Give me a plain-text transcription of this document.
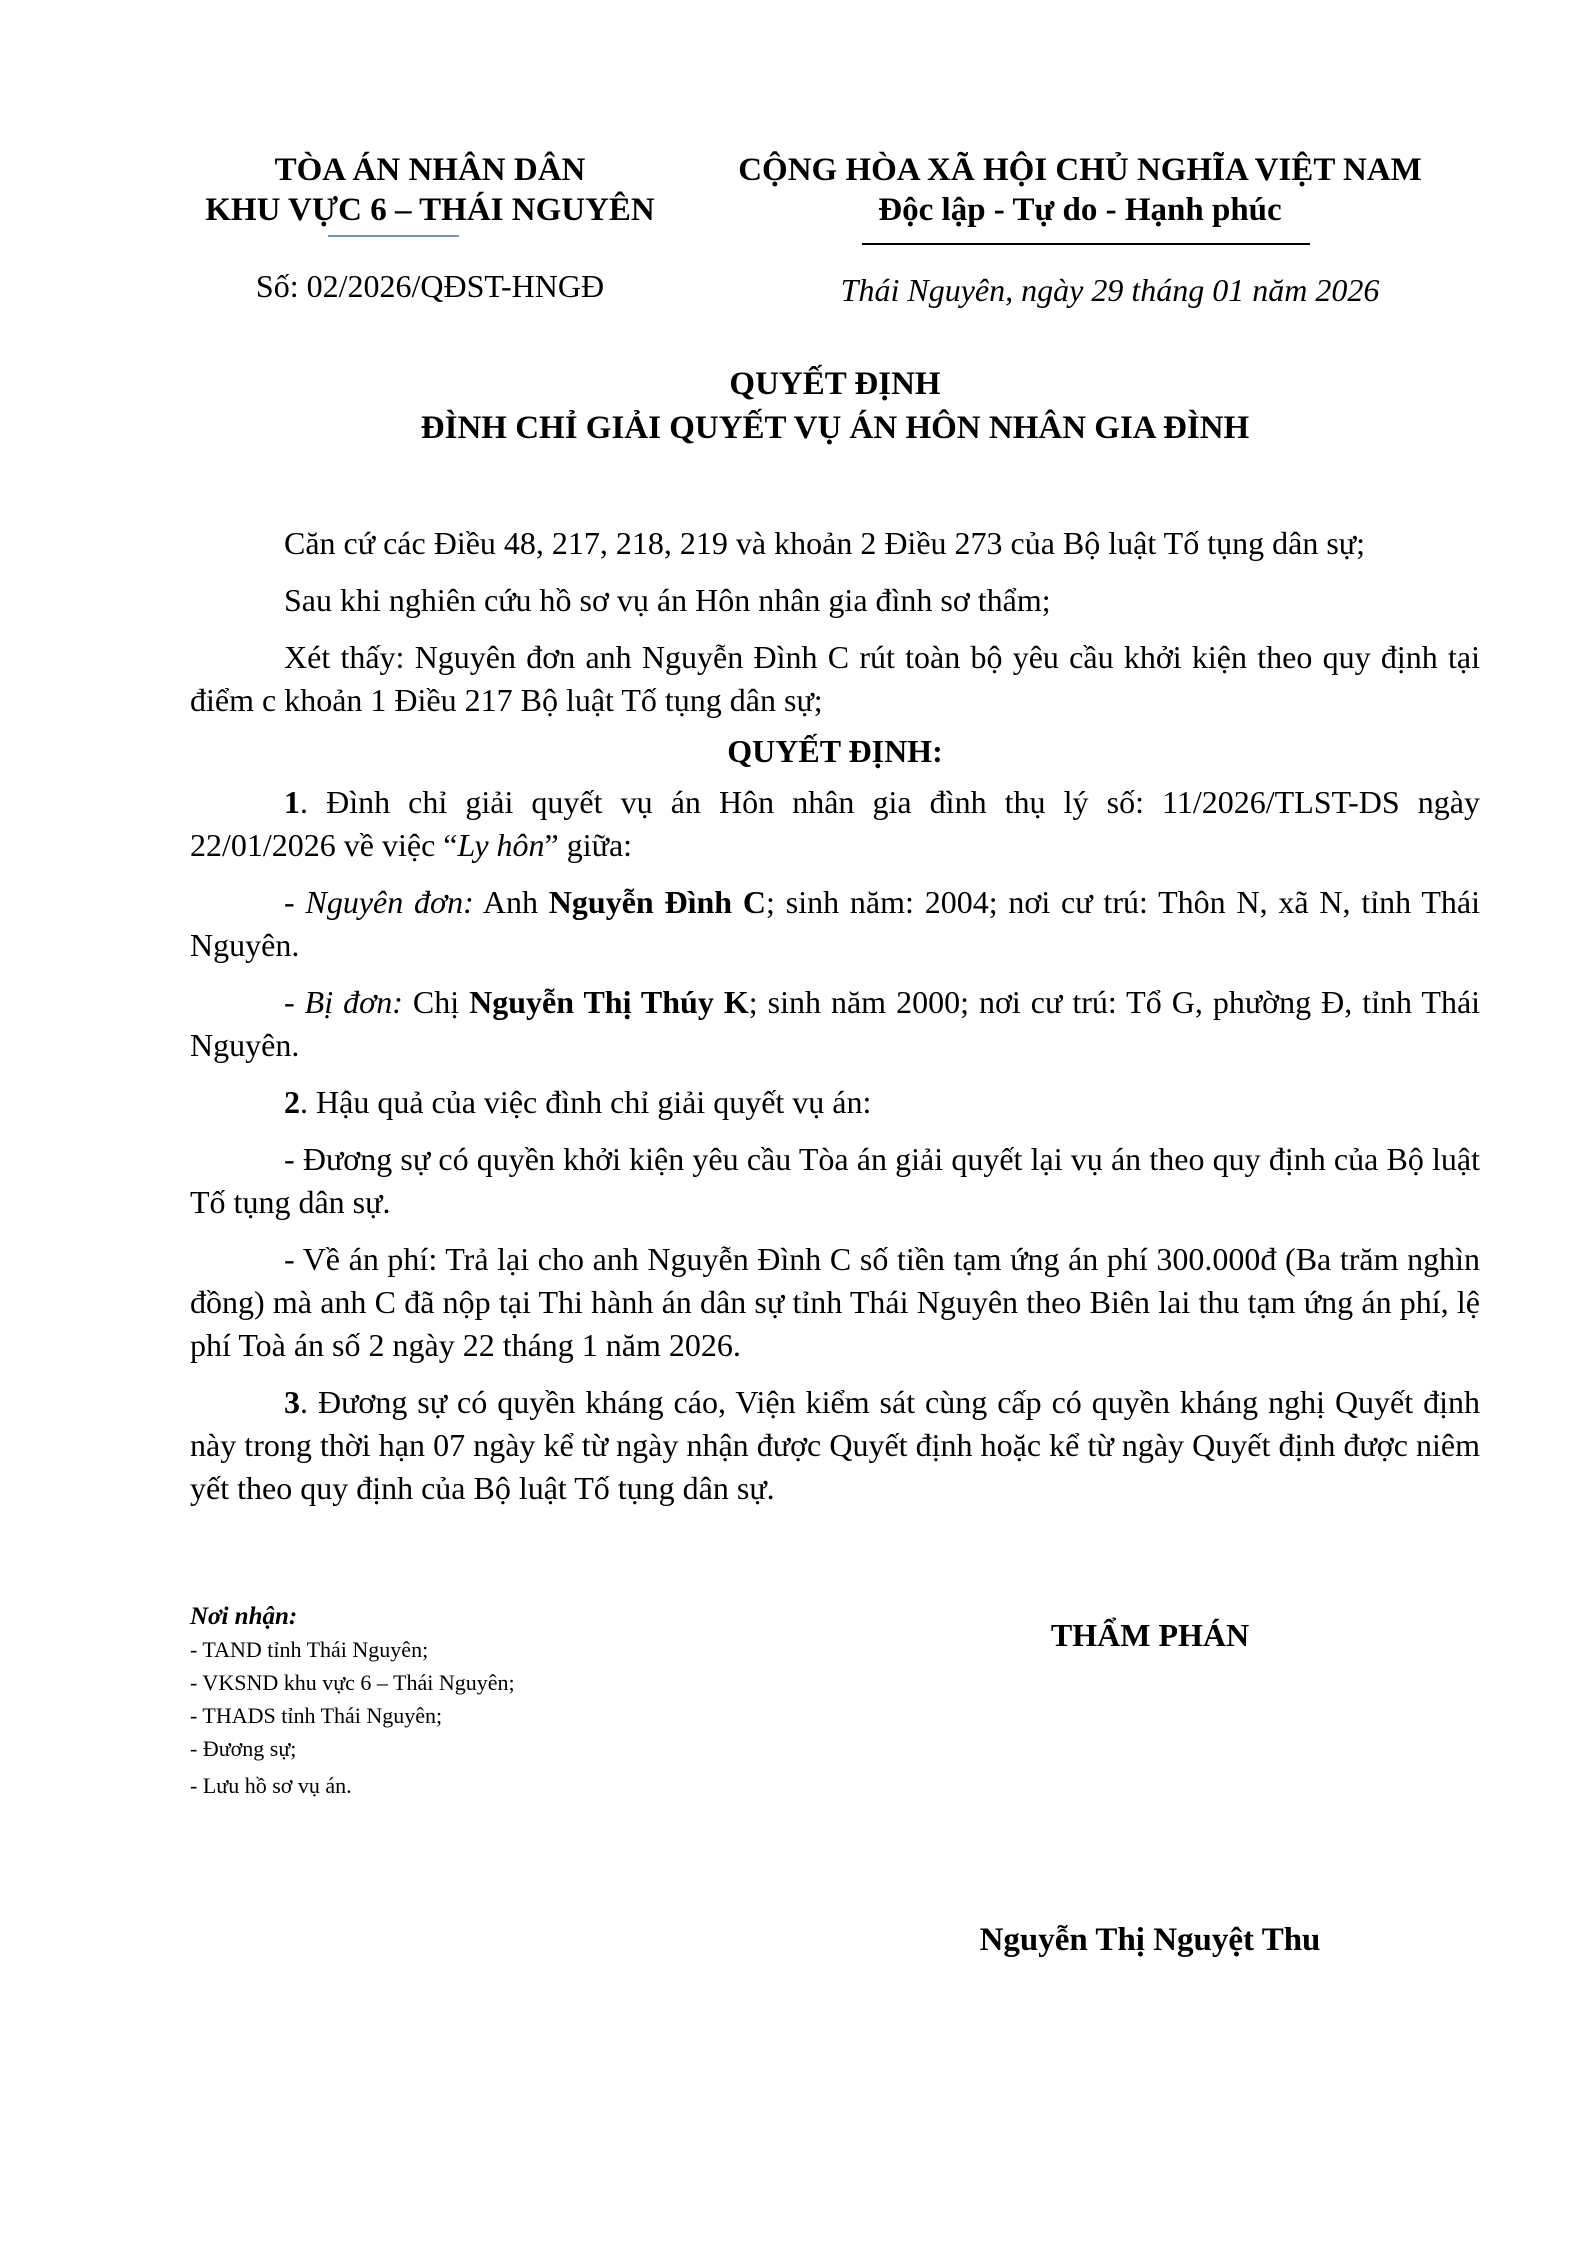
TÒA ÁN NHÂN DÂN
KHU VỰC 6 – THÁI NGUYÊN
CỘNG HÒA XÃ HỘI CHỦ NGHĨA VIỆT NAM
Độc lập - Tự do - Hạnh phúc
Số: 02/2026/QĐST-HNGĐ	Thái Nguyên, ngày 29 tháng 01 năm 2026
QUYẾT ĐỊNH
ĐÌNH CHỈ GIẢI QUYẾT VỤ ÁN HÔN NHÂN GIA ĐÌNH

Căn cứ các Điều 48, 217, 218, 219 và khoản 2 Điều 273 của Bộ luật Tố tụng dân sự;

Sau khi nghiên cứu hồ sơ vụ án Hôn nhân gia đình sơ thẩm;

Xét thấy: Nguyên đơn anh Nguyễn Đình C rút toàn bộ yêu cầu khởi kiện theo quy định tại điểm c khoản 1 Điều 217 Bộ luật Tố tụng dân sự;

QUYẾT ĐỊNH:

1. Đình chỉ giải quyết vụ án Hôn nhân gia đình thụ lý số: 11/2026/TLST-DS ngày 22/01/2026 về việc “Ly hôn” giữa:

- Nguyên đơn: Anh Nguyễn Đình C; sinh năm: 2004; nơi cư trú: Thôn N, xã N, tỉnh Thái Nguyên.

- Bị đơn: Chị Nguyễn Thị Thúy K; sinh năm 2000; nơi cư trú: Tổ G, phường Đ, tỉnh Thái Nguyên.

2. Hậu quả của việc đình chỉ giải quyết vụ án:

- Đương sự có quyền khởi kiện yêu cầu Tòa án giải quyết lại vụ án theo quy định của Bộ luật Tố tụng dân sự.

- Về án phí: Trả lại cho anh Nguyễn Đình C số tiền tạm ứng án phí 300.000đ (Ba trăm nghìn đồng) mà anh C đã nộp tại Thi hành án dân sự tỉnh Thái Nguyên theo Biên lai thu tạm ứng án phí, lệ phí Toà án số 2 ngày 22 tháng 1 năm 2026.

3. Đương sự có quyền kháng cáo, Viện kiểm sát cùng cấp có quyền kháng nghị Quyết định này trong thời hạn 07 ngày kể từ ngày nhận được Quyết định hoặc kể từ ngày Quyết định được niêm yết theo quy định của Bộ luật Tố tụng dân sự.

Nơi nhận:
- TAND tỉnh Thái Nguyên;
- VKSND khu vực 6 – Thái Nguyên;
- THADS tỉnh Thái Nguyên;
- Đương sự;
- Lưu hồ sơ vụ án.
THẨM PHÁN
Nguyễn Thị Nguyệt Thu
